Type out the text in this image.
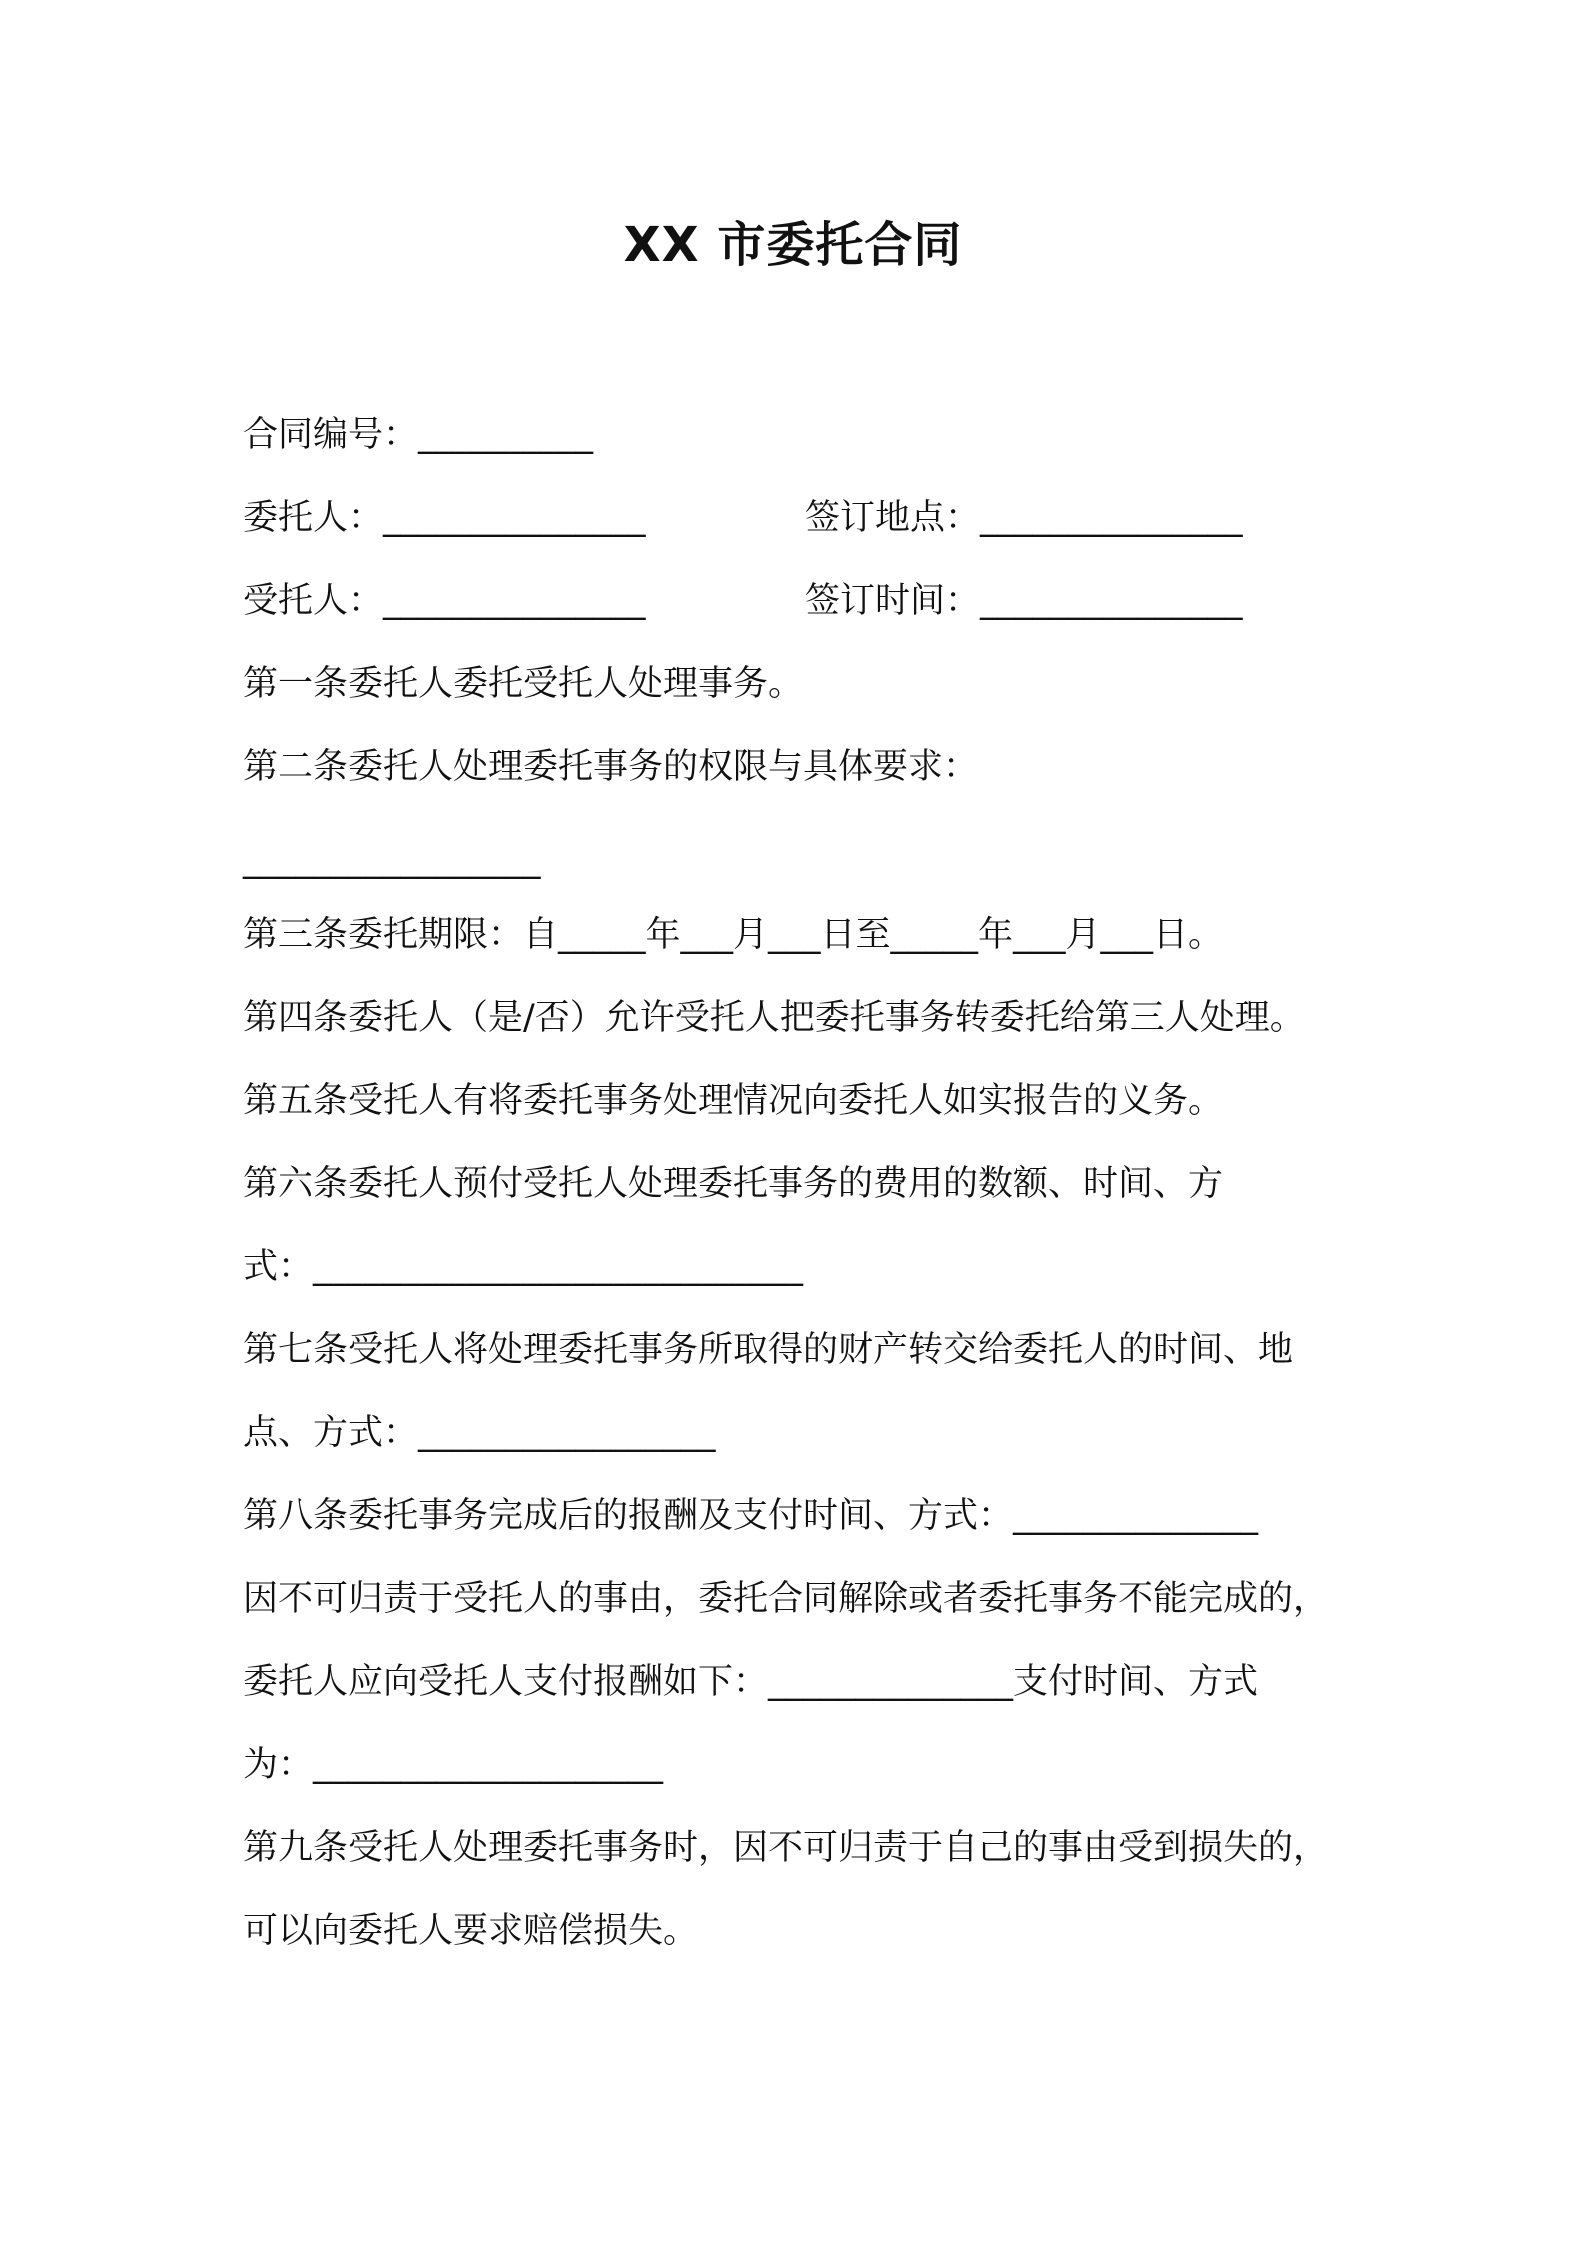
XX 市委托合同
合同编号：__________
委托人：_______________	签订地点：_______________
受托人：_______________	签订时间：_______________
第一条委托人委托受托人处理事务。
第二条委托人处理委托事务的权限与具体要求：
_________________
第三条委托期限：自_____年___月___日至_____年___月___日。
第四条委托人（是/否）允许受托人把委托事务转委托给第三人处理。
第五条受托人有将委托事务处理情况向委托人如实报告的义务。
第六条委托人预付受托人处理委托事务的费用的数额、时间、方
式：____________________________
第七条受托人将处理委托事务所取得的财产转交给委托人的时间、地
点、方式：_________________
第八条委托事务完成后的报酬及支付时间、方式：______________
因不可归责于受托人的事由，委托合同解除或者委托事务不能完成的，
委托人应向受托人支付报酬如下：______________支付时间、方式
为：____________________
第九条受托人处理委托事务时，因不可归责于自己的事由受到损失的，
可以向委托人要求赔偿损失。
